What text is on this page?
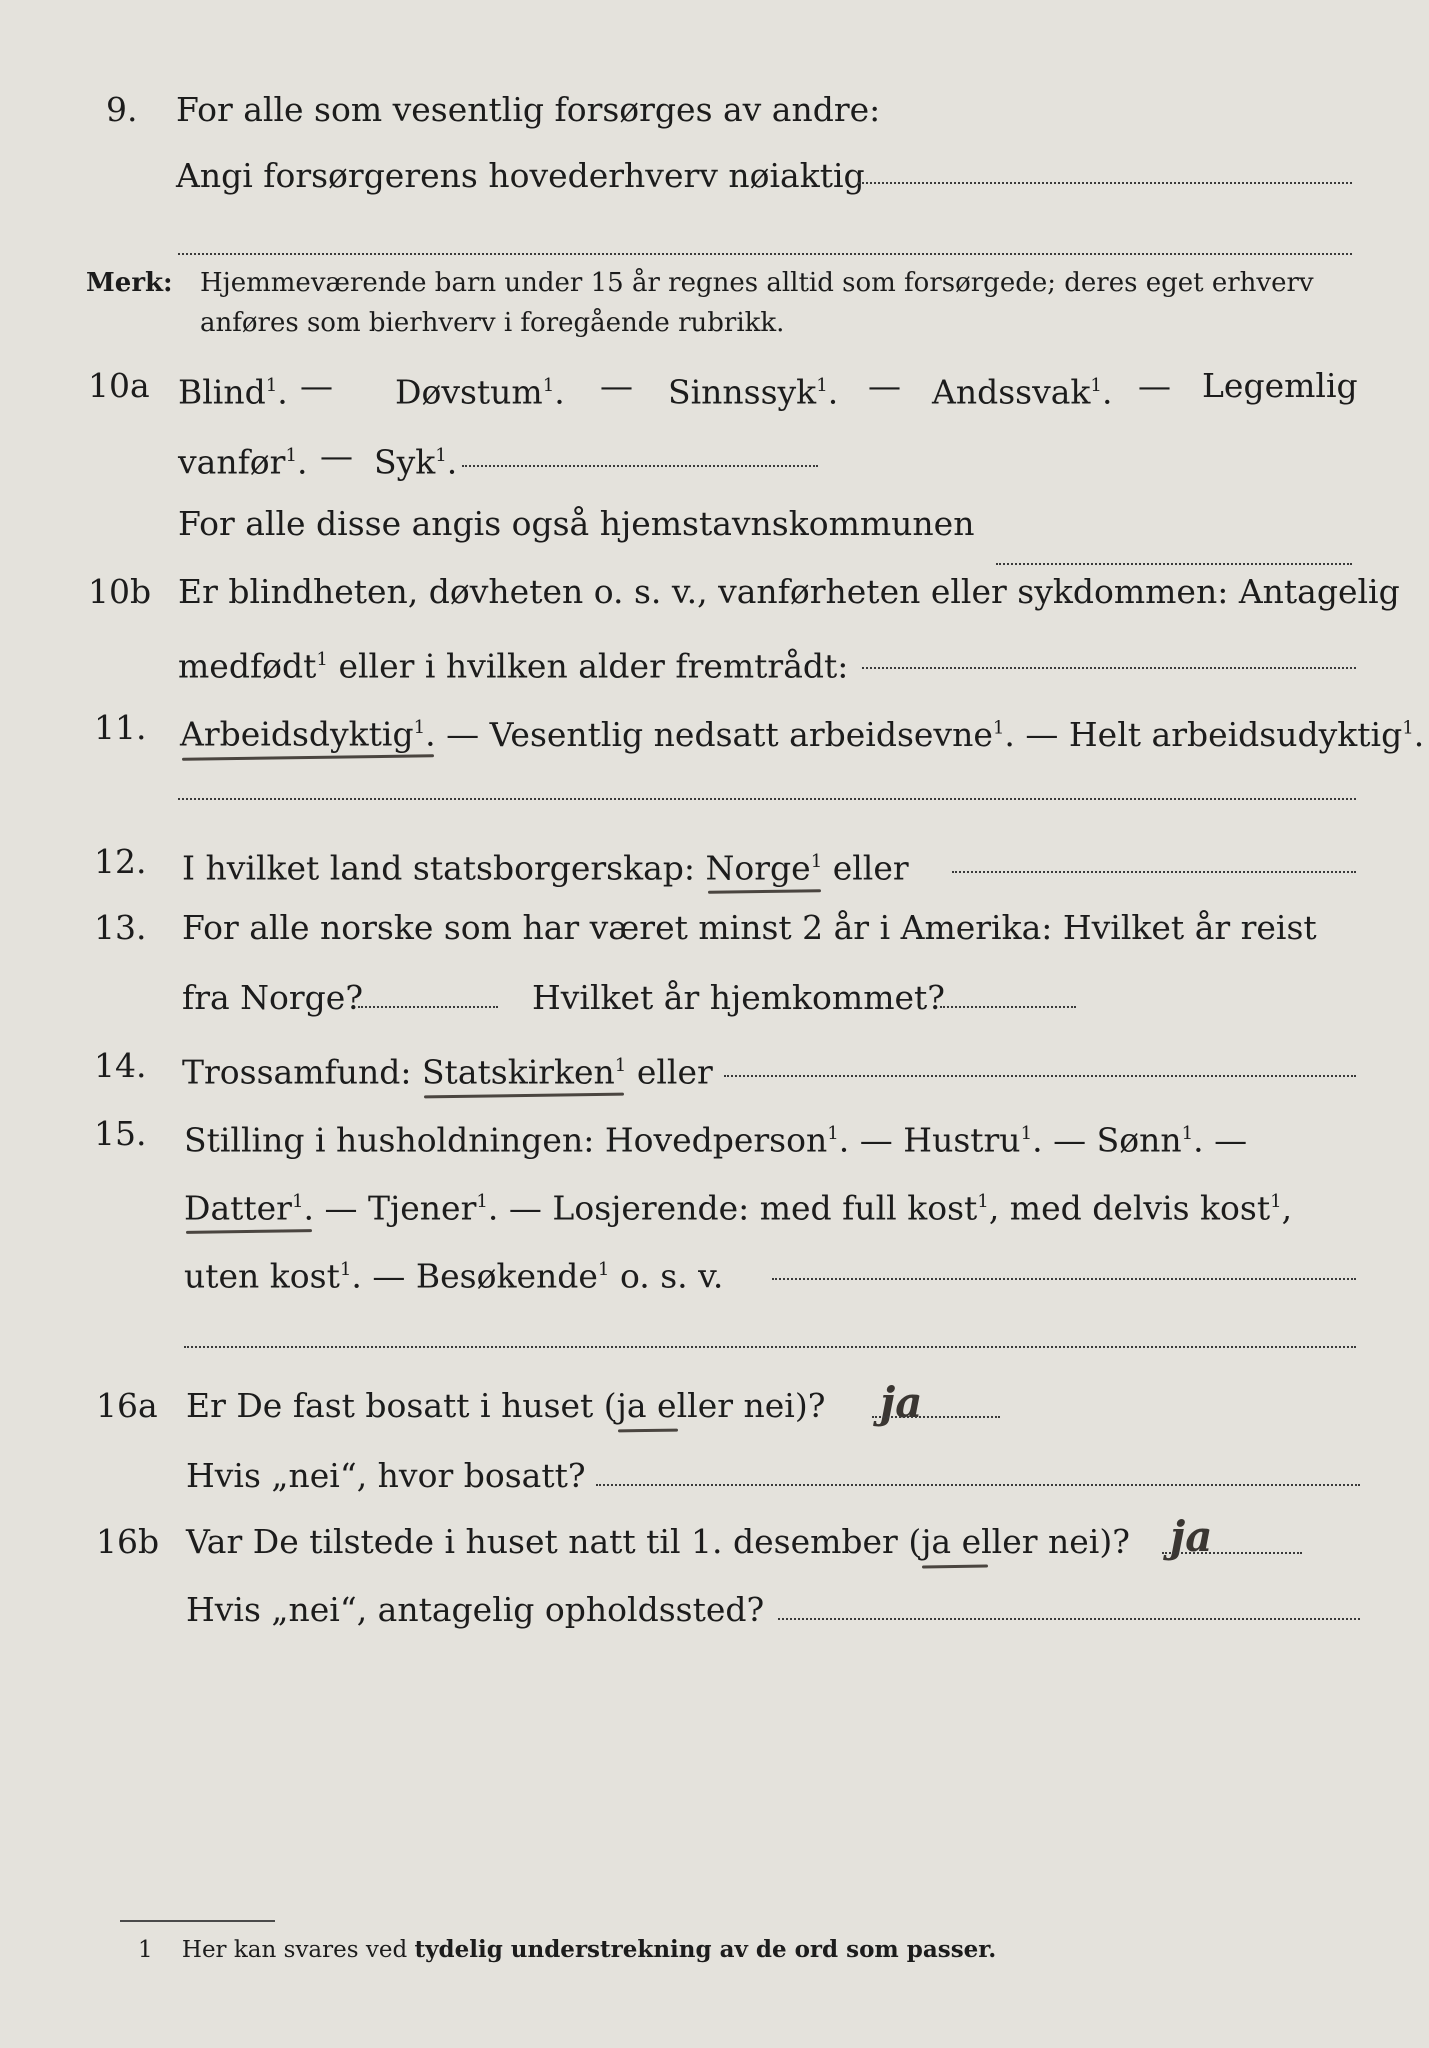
9. For alle som vesentlig forsørges av andre:
Angi forsørgerens hovederhverv nøiaktig
Merk: Hjemmeværende barn under 15 år regnes alltid som forsørgede; deres eget erhverv
anføres som bierhverv i foregående rubrikk.
10a Blind$^1$. — Døvstum$^1$. — Sinnssyk$^1$. — Andssvak$^1$. — Legemlig
vanfør$^1$. — Syk$^1$.
For alle disse angis også hjemstavnskommunen
10b Er blindheten, døvheten o. s. v., vanførheten eller sykdommen: Antagelig
medfødt$^1$ eller i hvilken alder fremtrådt:
11. Arbeidsdyktig$^1$. — Vesentlig nedsatt arbeidsevne$^1$. — Helt arbeidsudyktig$^1$.
12. I hvilket land statsborgerskap: Norge$^1$ eller
13. For alle norske som har været minst 2 år i Amerika: Hvilket år reist
fra Norge?	Hvilket år hjemkommet?
14. Trossamfund: Statskirken$^1$ eller
15. Stilling i husholdningen: Hovedperson$^1$. — Hustru$^1$. — Sønn$^1$. —
Datter$^1$. — Tjener$^1$. — Losjerende: med full kost$^1$, med delvis kost$^1$,
uten kost$^1$. — Besøkende$^1$ o. s. v.
16a Er De fast bosatt i huset (ja eller nei)? ja
Hvis „nei“, hvor bosatt?
16b Var De tilstede i huset natt til 1. desember (ja eller nei)? ja
Hvis „nei“, antagelig opholdssted?
1 Her kan svares ved tydelig understrekning av de ord som passer.
